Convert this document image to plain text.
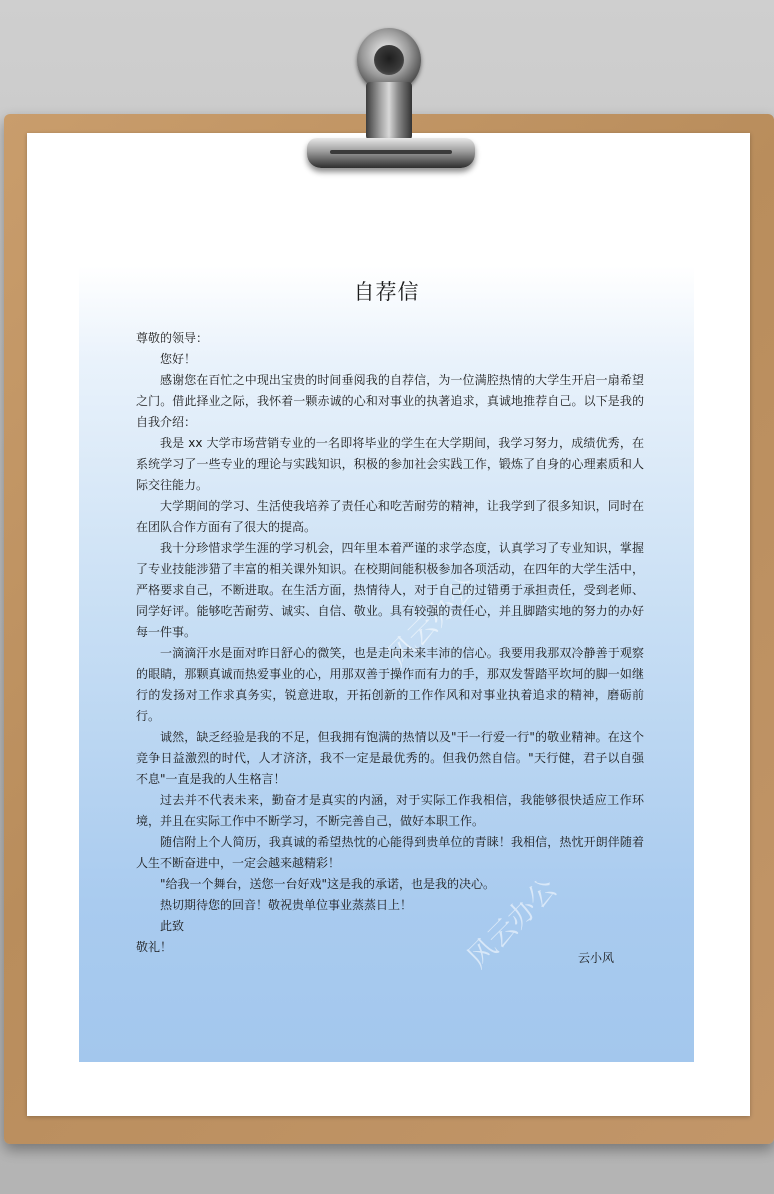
风云办公
风云办公
自荐信

尊敬的领导：

您好！

感谢您在百忙之中现出宝贵的时间垂阅我的自荐信，为一位满腔热情的大学生开启一扇希望之门。借此择业之际，我怀着一颗赤诚的心和对事业的执著追求，真诚地推荐自己。以下是我的自我介绍：

我是 xx 大学市场营销专业的一名即将毕业的学生在大学期间，我学习努力，成绩优秀，在系统学习了一些专业的理论与实践知识，积极的参加社会实践工作，锻炼了自身的心理素质和人际交往能力。

大学期间的学习、生活使我培养了责任心和吃苦耐劳的精神，让我学到了很多知识，同时在在团队合作方面有了很大的提高。

我十分珍惜求学生涯的学习机会，四年里本着严谨的求学态度，认真学习了专业知识，掌握了专业技能涉猎了丰富的相关课外知识。在校期间能积极参加各项活动，在四年的大学生活中，严格要求自己，不断进取。在生活方面，热情待人，对于自己的过错勇于承担责任，受到老师、同学好评。能够吃苦耐劳、诚实、自信、敬业。具有较强的责任心，并且脚踏实地的努力的办好每一件事。

一滴滴汗水是面对昨日舒心的微笑，也是走向未来丰沛的信心。我要用我那双冷静善于观察的眼睛，那颗真诚而热爱事业的心，用那双善于操作而有力的手，那双发誓踏平坎坷的脚一如继行的发扬对工作求真务实，锐意进取，开拓创新的工作作风和对事业执着追求的精神，磨砺前行。

诚然，缺乏经验是我的不足，但我拥有饱满的热情以及"干一行爱一行"的敬业精神。在这个竞争日益激烈的时代，人才济济，我不一定是最优秀的。但我仍然自信。"天行健，君子以自强不息"一直是我的人生格言！

过去并不代表未来，勤奋才是真实的内涵，对于实际工作我相信，我能够很快适应工作环境，并且在实际工作中不断学习，不断完善自己，做好本职工作。

随信附上个人简历，我真诚的希望热忱的心能得到贵单位的青睐！我相信，热忱开朗伴随着人生不断奋进中，一定会越来越精彩！

"给我一个舞台，送您一台好戏"这是我的承诺，也是我的决心。

热切期待您的回音！敬祝贵单位事业蒸蒸日上！

此致

敬礼！

云小风
